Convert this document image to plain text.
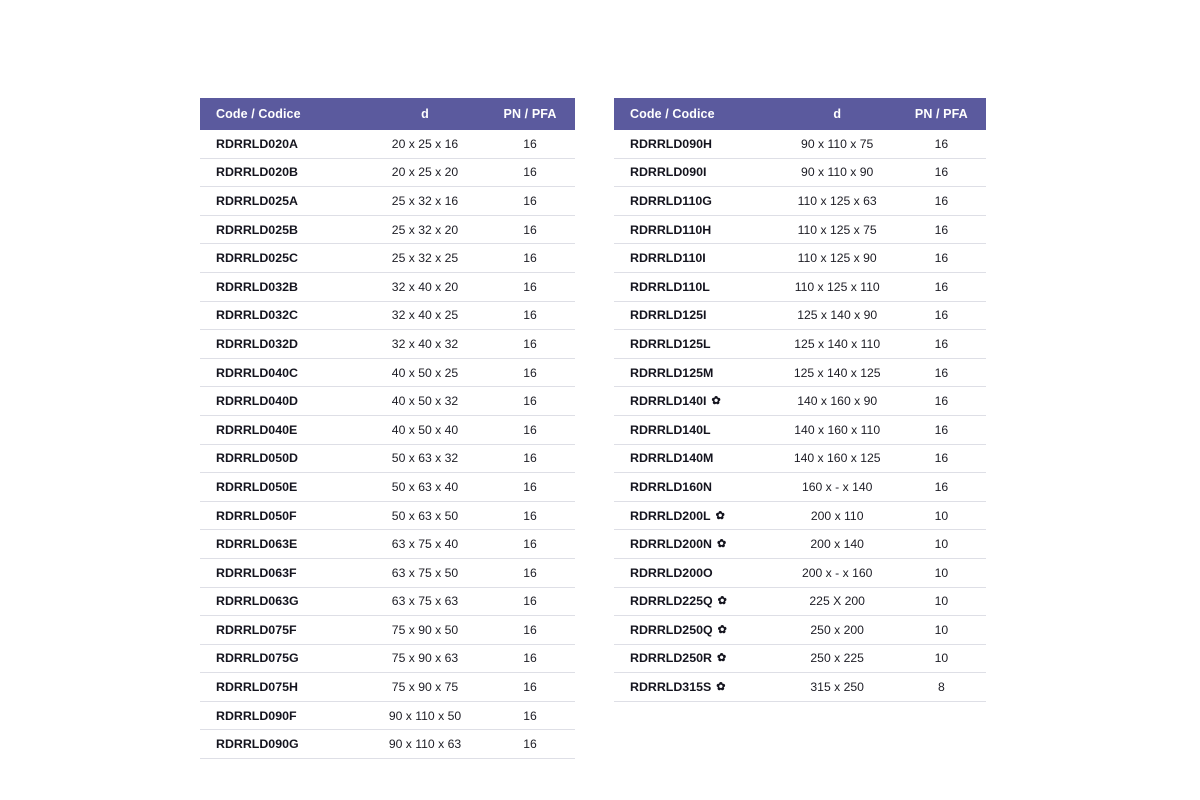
Code / Codice	d	PN / PFA
RDRRLD020A	20 x 25 x 16	16
RDRRLD020B	20 x 25 x 20	16
RDRRLD025A	25 x 32 x 16	16
RDRRLD025B	25 x 32 x 20	16
RDRRLD025C	25 x 32 x 25	16
RDRRLD032B	32 x 40 x 20	16
RDRRLD032C	32 x 40 x 25	16
RDRRLD032D	32 x 40 x 32	16
RDRRLD040C	40 x 50 x 25	16
RDRRLD040D	40 x 50 x 32	16
RDRRLD040E	40 x 50 x 40	16
RDRRLD050D	50 x 63 x 32	16
RDRRLD050E	50 x 63 x 40	16
RDRRLD050F	50 x 63 x 50	16
RDRRLD063E	63 x 75 x 40	16
RDRRLD063F	63 x 75 x 50	16
RDRRLD063G	63 x 75 x 63	16
RDRRLD075F	75 x 90 x 50	16
RDRRLD075G	75 x 90 x 63	16
RDRRLD075H	75 x 90 x 75	16
RDRRLD090F	90 x 110 x 50	16
RDRRLD090G	90 x 110 x 63	16
Code / Codice	d	PN / PFA
RDRRLD090H	90 x 110 x 75	16
RDRRLD090I	90 x 110 x 90	16
RDRRLD110G	110 x 125 x 63	16
RDRRLD110H	110 x 125 x 75	16
RDRRLD110I	110 x 125 x 90	16
RDRRLD110L	110 x 125 x 110	16
RDRRLD125I	125 x 140 x 90	16
RDRRLD125L	125 x 140 x 110	16
RDRRLD125M	125 x 140 x 125	16
RDRRLD140I ✿	140 x 160 x 90	16
RDRRLD140L	140 x 160 x 110	16
RDRRLD140M	140 x 160 x 125	16
RDRRLD160N	160 x - x 140	16
RDRRLD200L ✿	200 x 110	10
RDRRLD200N ✿	200 x 140	10
RDRRLD200O	200 x - x 160	10
RDRRLD225Q ✿	225 X 200	10
RDRRLD250Q ✿	250 x 200	10
RDRRLD250R ✿	250 x 225	10
RDRRLD315S ✿	315 x 250	8
